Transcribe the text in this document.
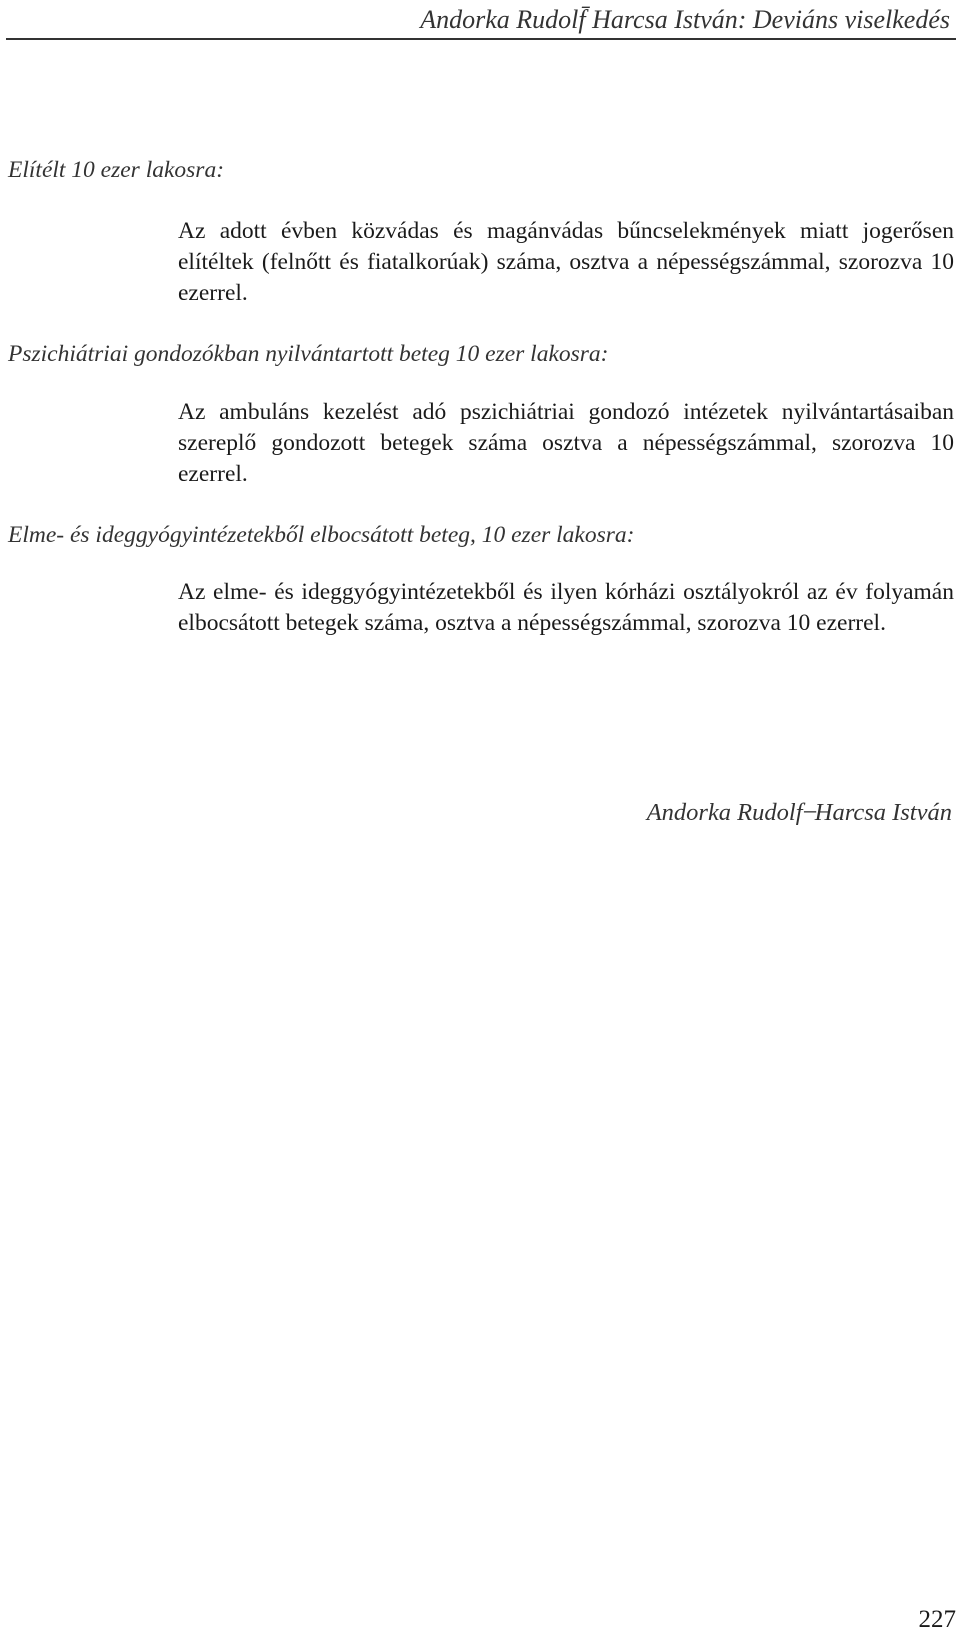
Andorka Rudolf̄ Harcsa István: Deviáns viselkedés
Elítélt 10 ezer lakosra:
Az adott évben közvádas és magánvádas bűncselekmények miatt jogerősen elítéltek (felnőtt és fiatalkorúak) száma, osztva a népességszámmal, szorozva 10 ezerrel.
Pszichiátriai gondozókban nyilvántartott beteg 10 ezer lakosra:
Az ambuláns kezelést adó pszichiátriai gondozó intézetek nyilvántartásaiban szereplő gondozott betegek száma osztva a népességszámmal, szorozva 10 ezerrel.
Elme- és ideggyógyintézetekből elbocsátott beteg, 10 ezer lakosra:
Az elme- és ideggyógyintézetekből és ilyen kórházi osztályokról az év folyamán elbocsátott betegek száma, osztva a népességszámmal, szorozva 10 ezerrel.
Andorka Rudolf ̶ Harcsa István
227
